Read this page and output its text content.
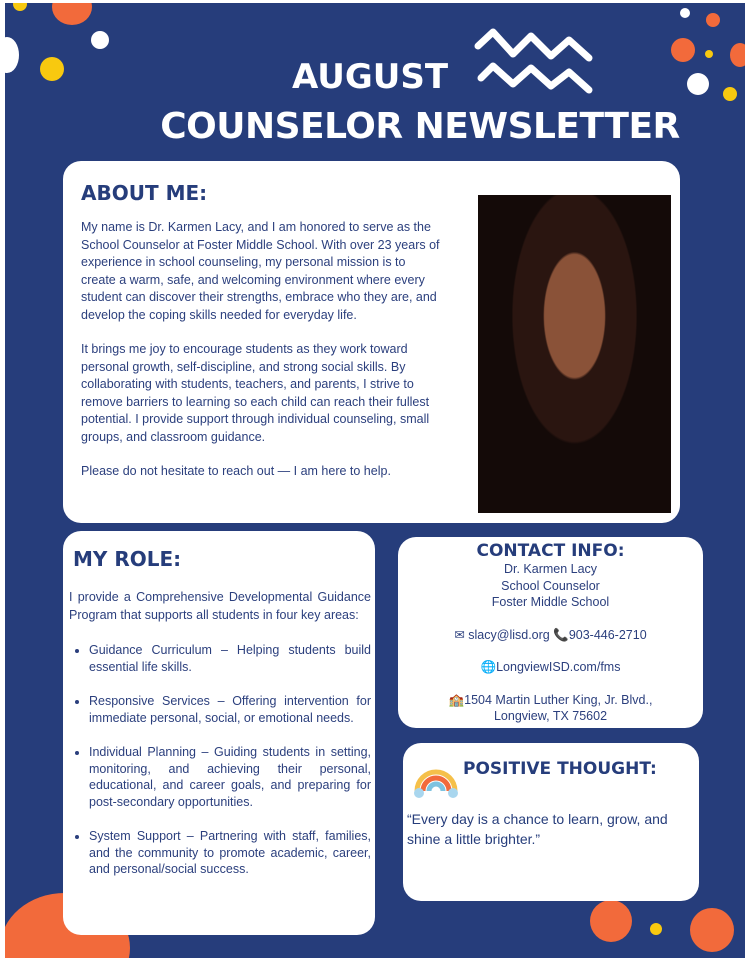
AUGUST
COUNSELOR NEWSLETTER
ABOUT ME:

My name is Dr. Karmen Lacy, and I am honored to serve as the School Counselor at Foster Middle School. With over 23 years of experience in school counseling, my personal mission is to create a warm, safe, and welcoming environment where every student can discover their strengths, embrace who they are, and develop the coping skills needed for everyday life.

It brings me joy to encourage students as they work toward personal growth, self-discipline, and strong social skills. By collaborating with students, teachers, and parents, I strive to remove barriers to learning so each child can reach their fullest potential. I provide support through individual counseling, small groups, and classroom guidance.

Please do not hesitate to reach out — I am here to help.

MY ROLE:

I provide a Comprehensive Developmental Guidance Program that supports all students in four key areas:

• Guidance Curriculum – Helping students build essential life skills.
• Responsive Services – Offering intervention for immediate personal, social, or emotional needs.
• Individual Planning – Guiding students in setting, monitoring, and achieving their personal, educational, and career goals, and preparing for post-secondary opportunities.
• System Support – Partnering with staff, families, and the community to promote academic, career, and personal/social success.
CONTACT INFO:
Dr. Karmen Lacy
School Counselor
Foster Middle School
✉ slacy@lisd.org 📞903-446-2710
🌐LongviewISD.com/fms
🏫1504 Martin Luther King, Jr. Blvd.,
Longview, TX 75602
POSITIVE THOUGHT:

“Every day is a chance to learn, grow, and shine a little brighter.”
